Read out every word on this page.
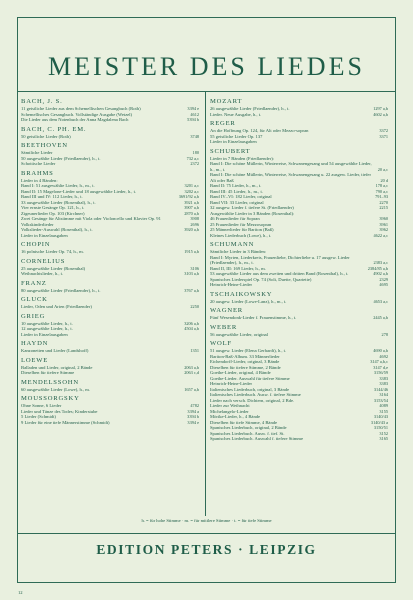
MEISTER DES LIEDES
BACH, J. S.
11 geistliche Lieder aus dem Schemellischen Gesangbuch (Roth)	3394 e
Schemellisches Gesangbuch. Vollständige Ausgabe (Wetzel)	4612
Die Lieder aus dem Notenbuch der Anna Magdalena Bach	5394 b
BACH, C. PH. EM.
50 geistliche Lieder (Roth)	3748
BEETHOVEN
Sämtliche Lieder	180
50 ausgewählte Lieder (Friedlaender), h., t.	732 a,c
Schottische Lieder	2372
BRAHMS
Lieder in 4 Bänden:
Band I: 51 ausgewählte Lieder, h., m., t.	3201 a,c
Band II: 15 Magelone-Lieder und 18 ausgewählte Lieder, h., t.	3202 a,c
Band III und IV: 112 Lieder, h., t.	3691/92 a,b
33 ausgewählte Lieder (Rosenthal), h., t.	3921 a,b
Vier ernste Gesänge Op. 121, h., t.	3907 a,b
Zigeunerlieder Op. 103 (Kirchner)	2870 a,b
Zwei Gesänge für Altstimme mit Viola oder Violoncello und Klavier Op. 91	3908
Volkskinderlieder	2696
Volkslieder-Auswahl (Rosenthal), h., t.	3920 a,b
Lieder in Einzelausgaben
CHOPIN
16 polnische Lieder Op. 74, h., m.	1915 a,b
CORNELIUS
25 ausgewählte Lieder (Rosenthal)	3106
Weihnachtslieder, h., t.	3103 a,b
FRANZ
80 ausgewählte Lieder (Friedlaender), h., t.	3767 a,b
GLUCK
Lieder, Oden und Arien (Friedlaender)	2250
GRIEG
10 ausgewählte Lieder, h., t.	3206 a,b
12 ausgewählte Lieder, h., t.	4504 a,b
Lieder in Einzelausgaben
HAYDN
Kanzonetten und Lieder (Landshoff)	1351
LOEWE
Balladen und Lieder, original, 2 Bände	2063 a,b
Dieselben für tiefere Stimme	2063 c,d
MENDELSSOHN
60 ausgewählte Lieder (Lowe), h., m.	1657 a,b
MOUSSORGSKY
Ohne Sonne, 6 Lieder	4782
Lieder und Tänze des Todes; Kinderstube	3394 a
5 Lieder (Schmidt)	3394 b
9 Lieder für eine tiefe Männerstimme (Schmidt)	3394 e
MOZART
26 ausgewählte Lieder (Friedlaender), h., t.	1297 a,b
Lieder. Neue Ausgabe, h., t.	4602 a,b
REGER
An die Hoffnung Op. 124, für Alt oder Mezzo-sopran	3372
55 geistliche Lieder Op. 137	3371
Lieder in Einzelausgaben
SCHUBERT
Lieder in 7 Bänden (Friedlaender):
Band I: Die schöne Müllerin, Winterreise, Schwanengesang und 54 ausgewählte Lieder, h., m., t.	20 a,c
Band I: Die schöne Müllerin, Winterreise, Schwanengesang u. 22 ausgew. Lieder, tiefer Alt oder Baß	20 d
Band II: 75 Lieder, h., m., t.	178 a,c
Band III: 45 Lieder, h., m., t.	790 a,c
Band IV–VI: 182 Lieder, original	791–93
Band VII: 33 Lieder, original	2270
32 ausgew. Lieder f. tiefere St. (Friedlaender)	2215
Ausgewählte Lieder in 3 Bänden (Rosenthal):
46 Frauenlieder für Sopran	3960
25 Frauenlieder für Mezzosopran	3961
25 Männerlieder für Bariton (Baß)	3962
Kleines Liederbuch (Lowe), h., t.	4622 a,c
SCHUMANN
Sämtliche Lieder in 3 Bänden:
Band I: Myrten, Liederkreis, Frauenliebe, Dichterliebe u. 17 ausgew. Lieder (Friedlaender), h., m., t.	2383 a,c
Band II, III: 169 Lieder, h., m.	2384/85 a,b
53 ausgewählte Lieder aus dem zweiten und dritten Band (Rosenthal), h., t.	4902 a,b
Spanisches Liederspiel Op. 74 (Soli, Duette, Quartette)	2329
Heinrich-Heine-Lieder	4695
TSCHAIKOWSKY
20 ausgew. Lieder (Lowe-Lanz), h., m., t.	4653 a,c
WAGNER
Fünf Wesendonk-Lieder f. Frauenstimme, h., t.	2445 a,b
WEBER
56 ausgewählte Lieder, original	278
WOLF
51 ausgew. Lieder (Elena Gerhardt), h., t.	4690 a,b
Bariton-Baß-Album. 33 Männerlieder	4692
Eichendorff-Lieder, original, 3 Bände	3147 a,b,c
Dieselben für tiefere Stimme, 2 Bände	3147 d,e
Goethe-Lieder, original, 4 Bände	3156/59
Goethe-Lieder. Auswahl für tiefere Stimme	3383
Heinrich-Heine-Lieder	3383
Italienisches Liederbuch, original, 3 Bände	3144/46
Italienisches Liederbuch. Ausw. f. tiefere Stimme	3164
Lieder nach versch. Dichtern, original, 2 Bde.	3153/54
Lieder zur Weihnacht	4089
Michelangelo-Lieder	3155
Mörike-Lieder, h., 4 Bände	3140/43
Dieselben für tiefe Stimme, 4 Bände	3140/43 a
Spanisches Liederbuch, original, 2 Bände	3150/51
Spanisches Liederbuch. Ausw. f. tief. St.	3152
Spanisches Liederbuch. Auswahl f. tiefere Stimme	3165
h. = für hohe Stimme · m. = für mittlere Stimme · t. = für tiefe Stimme
EDITION PETERS · LEIPZIG
12
